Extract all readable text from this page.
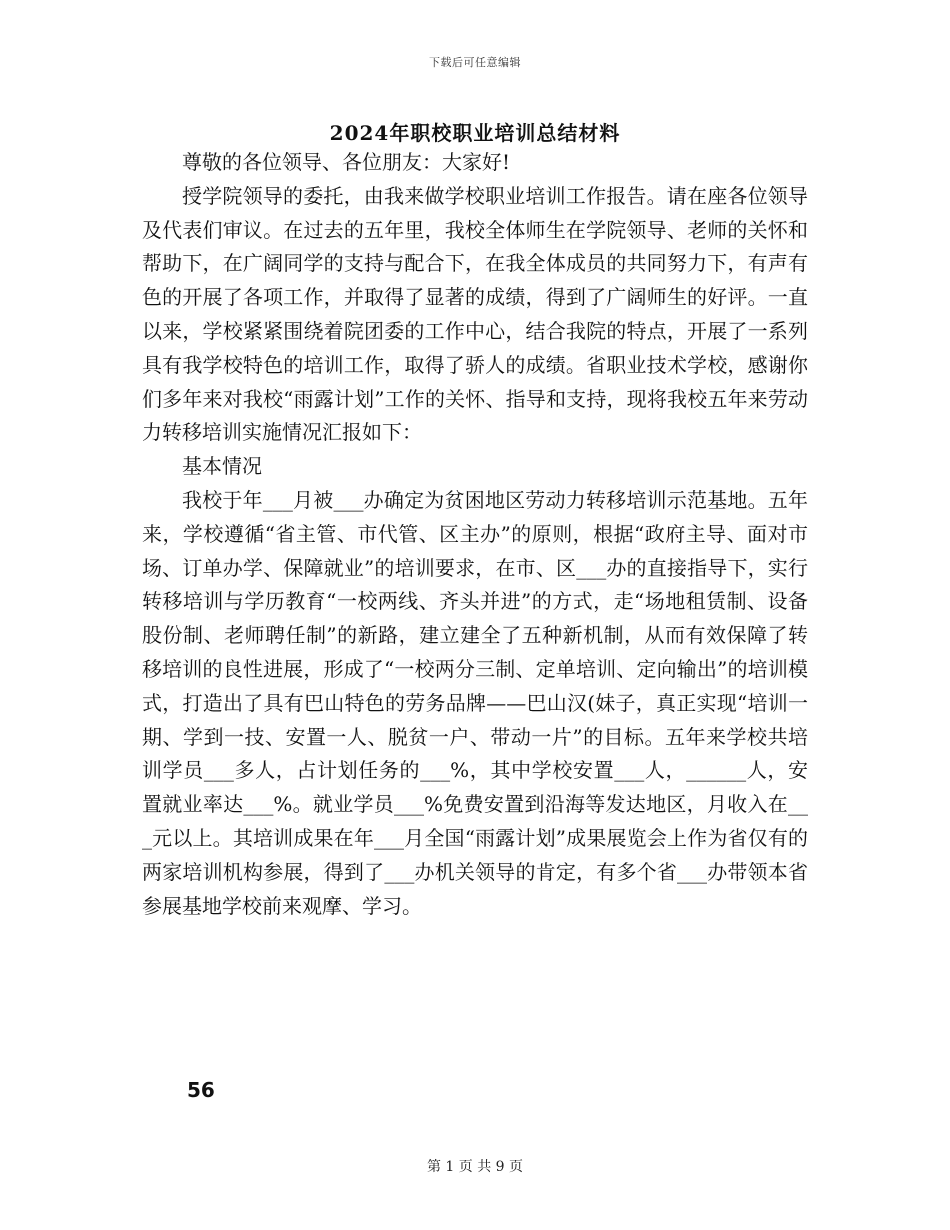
下载后可任意编辑
2024年职校职业培训总结材料

尊敬的各位领导、各位朋友：大家好!

授学院领导的委托，由我来做学校职业培训工作报告。请在座各位领导及代表们审议。在过去的五年里，我校全体师生在学院领导、老师的关怀和帮助下，在广阔同学的支持与配合下，在我全体成员的共同努力下，有声有色的开展了各项工作，并取得了显著的成绩，得到了广阔师生的好评。一直以来，学校紧紧围绕着院团委的工作中心，结合我院的特点，开展了一系列具有我学校特色的培训工作，取得了骄人的成绩。省职业技术学校，感谢你们多年来对我校“雨露计划”工作的关怀、指导和支持，现将我校五年来劳动力转移培训实施情况汇报如下：

基本情况

我校于年___月被___办确定为贫困地区劳动力转移培训示范基地。五年来，学校遵循“省主管、市代管、区主办”的原则，根据“政府主导、面对市场、订单办学、保障就业”的培训要求，在市、区___办的直接指导下，实行转移培训与学历教育“一校两线、齐头并进”的方式，走“场地租赁制、设备股份制、老师聘任制”的新路，建立建全了五种新机制，从而有效保障了转移培训的良性进展，形成了“一校两分三制、定单培训、定向输出”的培训模式，打造出了具有巴山特色的劳务品牌——巴山汉(妹子，真正实现“培训一期、学到一技、安置一人、脱贫一户、带动一片”的目标。五年来学校共培训学员___多人，占计划任务的___%，其中学校安置___人，______人，安置就业率达___%。就业学员___%免费安置到沿海等发达地区，月收入在___元以上。其培训成果在年___月全国“雨露计划”成果展览会上作为省仅有的两家培训机构参展，得到了___办机关领导的肯定，有多个省___办带领本省参展基地学校前来观摩、学习。

56
第 1 页 共 9 页
